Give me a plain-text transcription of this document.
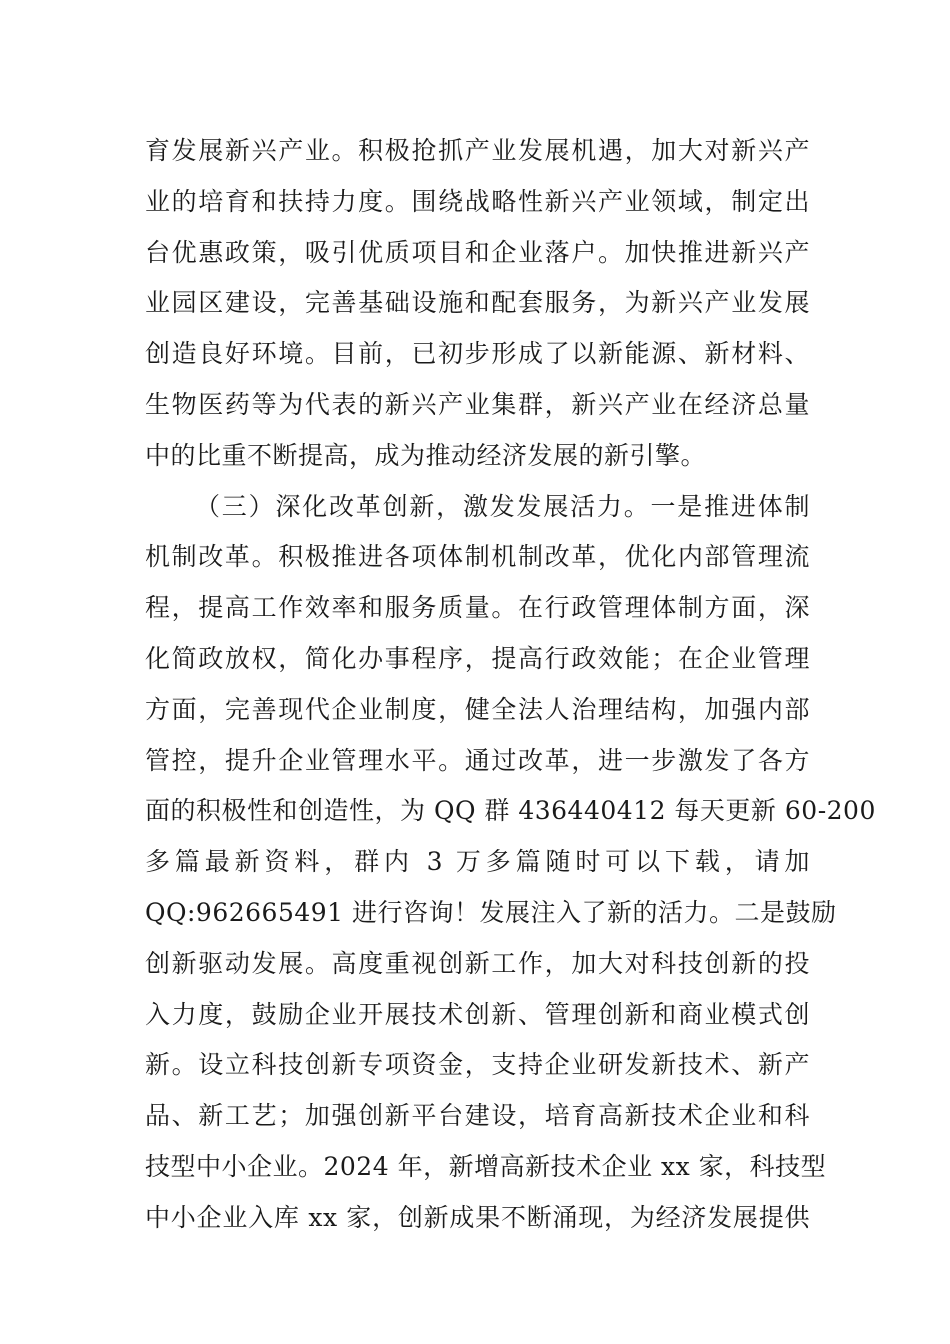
育发展新兴产业。积极抢抓产业发展机遇，加大对新兴产
业的培育和扶持力度。围绕战略性新兴产业领域，制定出
台优惠政策，吸引优质项目和企业落户。加快推进新兴产
业园区建设，完善基础设施和配套服务，为新兴产业发展
创造良好环境。目前，已初步形成了以新能源、新材料、
生物医药等为代表的新兴产业集群，新兴产业在经济总量
中的比重不断提高，成为推动经济发展的新引擎。
（三）深化改革创新，激发发展活力。一是推进体制
机制改革。积极推进各项体制机制改革，优化内部管理流
程，提高工作效率和服务质量。在行政管理体制方面，深
化简政放权，简化办事程序，提高行政效能；在企业管理
方面，完善现代企业制度，健全法人治理结构，加强内部
管控，提升企业管理水平。通过改革，进一步激发了各方
面的积极性和创造性，为 QQ 群 436440412 每天更新 60-200
多篇最新资料，群内 3 万多篇随时可以下载，请加
QQ:962665491 进行咨询！发展注入了新的活力。二是鼓励
创新驱动发展。高度重视创新工作，加大对科技创新的投
入力度，鼓励企业开展技术创新、管理创新和商业模式创
新。设立科技创新专项资金，支持企业研发新技术、新产
品、新工艺；加强创新平台建设，培育高新技术企业和科
技型中小企业。2024 年，新增高新技术企业 xx 家，科技型
中小企业入库 xx 家，创新成果不断涌现，为经济发展提供
